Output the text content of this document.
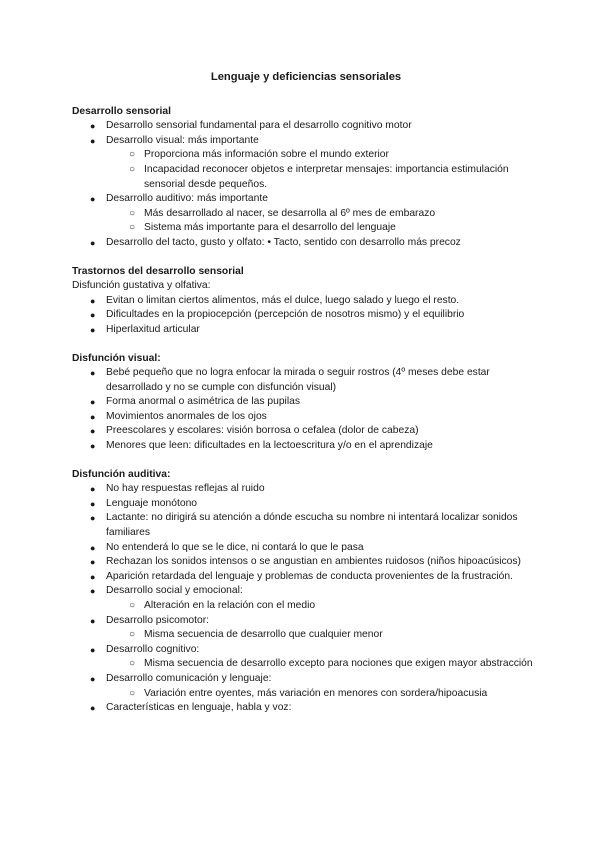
Lenguaje y deficiencias sensoriales

Desarrollo sensorial

● Desarrollo sensorial fundamental para el desarrollo cognitivo motor
● Desarrollo visual: más importante
○ Proporciona más información sobre el mundo exterior
○ Incapacidad reconocer objetos e interpretar mensajes: importancia estimulación sensorial desde pequeños.
● Desarrollo auditivo: más importante
○ Más desarrollado al nacer, se desarrolla al 6º mes de embarazo
○ Sistema más importante para el desarrollo del lenguaje
● Desarrollo del tacto, gusto y olfato: • Tacto, sentido con desarrollo más precoz

Trastornos del desarrollo sensorial

Disfunción gustativa y olfativa:

● Evitan o limitan ciertos alimentos, más el dulce, luego salado y luego el resto.
● Dificultades en la propiocepción (percepción de nosotros mismo) y el equilibrio
● Hiperlaxitud articular

Disfunción visual:

● Bebé pequeño que no logra enfocar la mirada o seguir rostros (4º meses debe estar desarrollado y no se cumple con disfunción visual)
● Forma anormal o asimétrica de las pupilas
● Movimientos anormales de los ojos
● Preescolares y escolares: visión borrosa o cefalea (dolor de cabeza)
● Menores que leen: dificultades en la lectoescritura y/o en el aprendizaje

Disfunción auditiva:

● No hay respuestas reflejas al ruido
● Lenguaje monótono
● Lactante: no dirigirá su atención a dónde escucha su nombre ni intentará localizar sonidos familiares
● No entenderá lo que se le dice, ni contará lo que le pasa
● Rechazan los sonidos intensos o se angustian en ambientes ruidosos (niños hipoacúsicos)
● Aparición retardada del lenguaje y problemas de conducta provenientes de la frustración.
● Desarrollo social y emocional:
○ Alteración en la relación con el medio
● Desarrollo psicomotor:
○ Misma secuencia de desarrollo que cualquier menor
● Desarrollo cognitivo:
○ Misma secuencia de desarrollo excepto para nociones que exigen mayor abstracción
● Desarrollo comunicación y lenguaje:
○ Variación entre oyentes, más variación en menores con sordera/hipoacusia
● Características en lenguaje, habla y voz:
